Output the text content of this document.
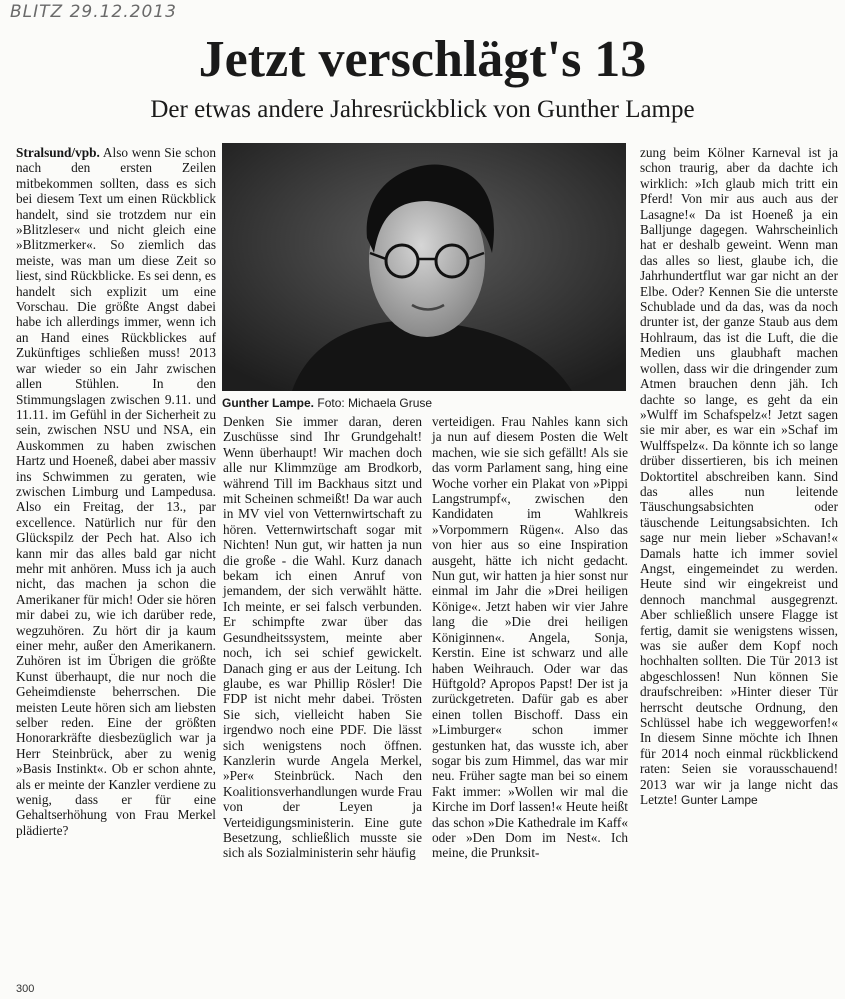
BLITZ 29.12.2013
Jetzt verschlägt's 13
Der etwas andere Jahresrückblick von Gunther Lampe

Stralsund/vpb. Also wenn Sie schon nach den ersten Zeilen mitbekommen sollten, dass es sich bei diesem Text um einen Rückblick handelt, sind sie trotzdem nur ein »Blitzleser« und nicht gleich eine »Blitzmerker«. So ziemlich das meiste, was man um diese Zeit so liest, sind Rückblicke. Es sei denn, es handelt sich explizit um eine Vorschau. Die größte Angst dabei habe ich allerdings immer, wenn ich an Hand eines Rückblickes auf Zukünftiges schließen muss! 2013 war wieder so ein Jahr zwischen allen Stühlen. In den Stimmungslagen zwischen 9.11. und 11.11. im Gefühl in der Sicherheit zu sein, zwischen NSU und NSA, ein Auskommen zu haben zwischen Hartz und Hoeneß, dabei aber massiv ins Schwimmen zu geraten, wie zwischen Limburg und Lampedusa. Also ein Freitag, der 13., par excellence. Natürlich nur für den Glückspilz der Pech hat. Also ich kann mir das alles bald gar nicht mehr mit anhören. Muss ich ja auch nicht, das machen ja schon die Amerikaner für mich! Oder sie hören mir dabei zu, wie ich darüber rede, wegzuhören. Zu hört dir ja kaum einer mehr, außer den Amerikanern. Zuhören ist im Übrigen die größte Kunst überhaupt, die nur noch die Geheimdienste beherrschen. Die meisten Leute hören sich am liebsten selber reden. Eine der größten Honorarkräfte diesbezüglich war ja Herr Steinbrück, aber zu wenig »Basis Instinkt«. Ob er schon ahnte, als er meinte der Kanzler verdiene zu wenig, dass er für eine Gehaltserhöhung von Frau Merkel plädierte?

Gunther Lampe. Foto: Michaela Gruse

Denken Sie immer daran, deren Zuschüsse sind Ihr Grundgehalt! Wenn überhaupt! Wir machen doch alle nur Klimmzüge am Brodkorb, während Till im Backhaus sitzt und mit Scheinen schmeißt! Da war auch in MV viel von Vetternwirtschaft zu hören. Vetternwirtschaft sogar mit Nichten! Nun gut, wir hatten ja nun die große - die Wahl. Kurz danach bekam ich einen Anruf von jemandem, der sich verwählt hätte. Ich meinte, er sei falsch verbunden. Er schimpfte zwar über das Gesundheitssystem, meinte aber noch, ich sei schief gewickelt. Danach ging er aus der Leitung. Ich glaube, es war Phillip Rösler! Die FDP ist nicht mehr dabei. Trösten Sie sich, vielleicht haben Sie irgendwo noch eine PDF. Die lässt sich wenigstens noch öffnen. Kanzlerin wurde Angela Merkel, »Per« Steinbrück. Nach den Koalitionsverhandlungen wurde Frau von der Leyen ja Verteidigungsministerin. Eine gute Besetzung, schließlich musste sie sich als Sozialministerin sehr häufig

verteidigen. Frau Nahles kann sich ja nun auf diesem Posten die Welt machen, wie sie sich gefällt! Als sie das vorm Parlament sang, hing eine Woche vorher ein Plakat von »Pippi Langstrumpf«, zwischen den Kandidaten im Wahlkreis »Vorpommern Rügen«. Also das von hier aus so eine Inspiration ausgeht, hätte ich nicht gedacht. Nun gut, wir hatten ja hier sonst nur einmal im Jahr die »Drei heiligen Könige«. Jetzt haben wir vier Jahre lang die »Die drei heiligen Königinnen«. Angela, Sonja, Kerstin. Eine ist schwarz und alle haben Weihrauch. Oder war das Hüftgold? Apropos Papst! Der ist ja zurückgetreten. Dafür gab es aber einen tollen Bischoff. Dass ein »Limburger« schon immer gestunken hat, das wusste ich, aber sogar bis zum Himmel, das war mir neu. Früher sagte man bei so einem Fakt immer: »Wollen wir mal die Kirche im Dorf lassen!« Heute heißt das schon »Die Kathedrale im Kaff« oder »Den Dom im Nest«. Ich meine, die Prunksit-

zung beim Kölner Karneval ist ja schon traurig, aber da dachte ich wirklich: »Ich glaub mich tritt ein Pferd! Von mir aus auch aus der Lasagne!« Da ist Hoeneß ja ein Balljunge dagegen. Wahrscheinlich hat er deshalb geweint. Wenn man das alles so liest, glaube ich, die Jahrhundertflut war gar nicht an der Elbe. Oder? Kennen Sie die unterste Schublade und da das, was da noch drunter ist, der ganze Staub aus dem Hohlraum, das ist die Luft, die die Medien uns glaubhaft machen wollen, dass wir die dringender zum Atmen brauchen denn jäh. Ich dachte so lange, es geht da ein »Wulff im Schafspelz«! Jetzt sagen sie mir aber, es war ein »Schaf im Wulffspelz«. Da könnte ich so lange drüber dissertieren, bis ich meinen Doktortitel abschreiben kann. Sind das alles nun leitende Täuschungsabsichten oder täuschende Leitungsabsichten. Ich sage nur mein lieber »Schavan!« Damals hatte ich immer soviel Angst, eingemeindet zu werden. Heute sind wir eingekreist und dennoch manchmal ausgegrenzt. Aber schließlich unsere Flagge ist fertig, damit sie wenigstens wissen, was sie außer dem Kopf noch hochhalten sollten. Die Tür 2013 ist abgeschlossen! Nun können Sie draufschreiben: »Hinter dieser Tür herrscht deutsche Ordnung, den Schlüssel habe ich weggeworfen!« In diesem Sinne möchte ich Ihnen für 2014 noch einmal rückblickend raten: Seien sie vorausschauend! 2013 war wir ja lange nicht das Letzte! Gunter Lampe

300
